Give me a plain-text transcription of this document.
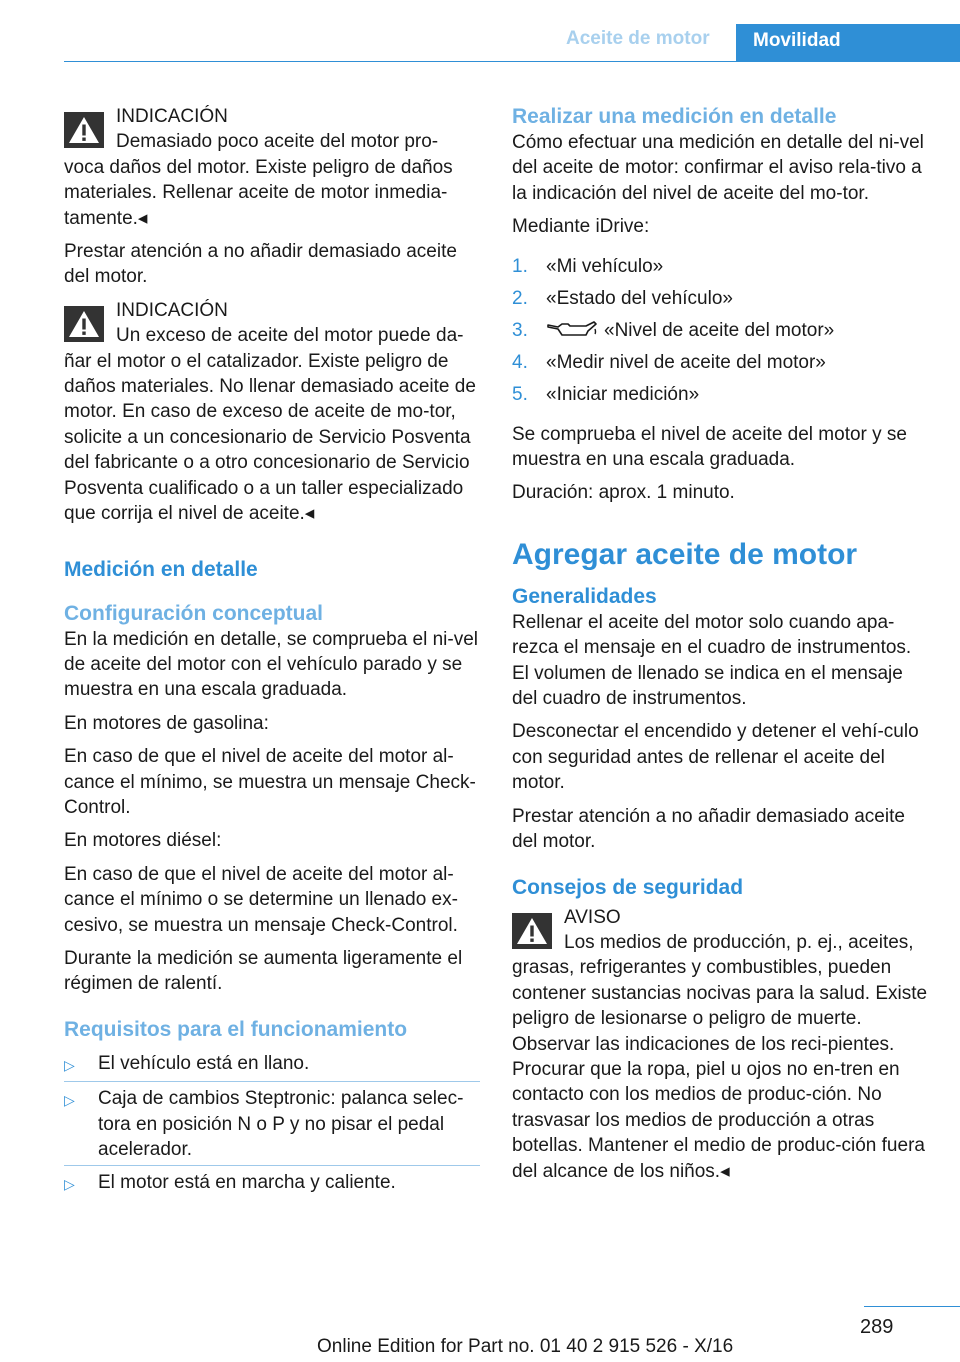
Aceite de motor	Movilidad
INDICACIÓN
Demasiado poco aceite del motor pro- voca daños del motor. Existe peligro de daños materiales. Rellenar aceite de motor inmedia-tamente.◂

Prestar atención a no añadir demasiado aceite del motor.

INDICACIÓN
Un exceso de aceite del motor puede da- ñar el motor o el catalizador. Existe peligro de daños materiales. No llenar demasiado aceite de motor. En caso de exceso de aceite de mo-tor, solicite a un concesionario de Servicio Posventa del fabricante o a otro concesionario de Servicio Posventa cualificado o a un taller especializado que corrija el nivel de aceite.◂
Medición en detalle
Configuración conceptual

En la medición en detalle, se comprueba el ni-vel de aceite del motor con el vehículo parado y se muestra en una escala graduada.

En motores de gasolina:

En caso de que el nivel de aceite del motor al-cance el mínimo, se muestra un mensaje Check-Control.

En motores diésel:

En caso de que el nivel de aceite del motor al-cance el mínimo o se determine un llenado ex-cesivo, se muestra un mensaje Check-Control.

Durante la medición se aumenta ligeramente el régimen de ralentí.

Requisitos para el funcionamiento
▷	El vehículo está en llano.
▷	Caja de cambios Steptronic: palanca selec-tora en posición N o P y no pisar el pedal acelerador.
▷	El motor está en marcha y caliente.
Realizar una medición en detalle

Cómo efectuar una medición en detalle del ni-vel del aceite de motor: confirmar el aviso rela-tivo a la indicación del nivel de aceite del mo-tor.

Mediante iDrive:

1. «Mi vehículo»
2. «Estado del vehículo»
3.	«Nivel de aceite del motor»
4. «Medir nivel de aceite del motor»
5. «Iniciar medición»

Se comprueba el nivel de aceite del motor y se muestra en una escala graduada.

Duración: aprox. 1 minuto.

Agregar aceite de motor
Generalidades

Rellenar el aceite del motor solo cuando apa-rezca el mensaje en el cuadro de instrumentos. El volumen de llenado se indica en el mensaje del cuadro de instrumentos.

Desconectar el encendido y detener el vehí-culo con seguridad antes de rellenar el aceite del motor.

Prestar atención a no añadir demasiado aceite del motor.

Consejos de seguridad
AVISO
Los medios de producción, p. ej., aceites, grasas, refrigerantes y combustibles, pueden contener sustancias nocivas para la salud. Existe peligro de lesionarse o peligro de muerte. Observar las indicaciones de los reci-pientes. Procurar que la ropa, piel u ojos no en-tren en contacto con los medios de produc-ción. No trasvasar los medios de producción a otras botellas. Mantener el medio de produc-ción fuera del alcance de los niños.◂
289
Online Edition for Part no. 01 40 2 915 526 - X/16
